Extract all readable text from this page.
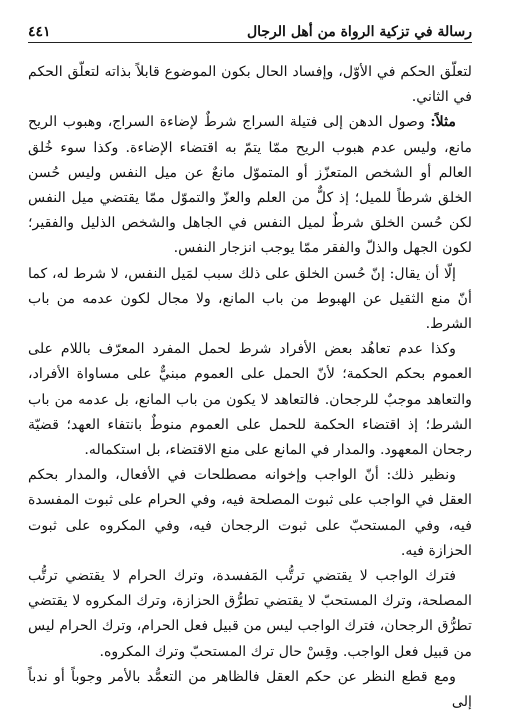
رسالة في تزكية الرواة من أهل الرجال
٤٤١

لتعلّق الحكم في الأوّل، وإفساد الحال بكون الموضوع قابلاً بذاته لتعلّق الحكم في الثاني.

مثلاً: وصول الدهن إلى فتيلة السراج شرطٌ لإضاءة السراج، وهبوب الريح مانع، وليس عدم هبوب الريح ممّا يتمّ به اقتضاء الإضاءة. وكذا سوء خُلق العالم أو الشخص المتعزّز أو المتموّل مانعٌ عن ميل النفس وليس حُسن الخلق شرطاً للميل؛ إذ كلٌّ من العلم والعزّ والتموّل ممّا يقتضي ميل النفس لكن حُسن الخلق شرطٌ لميل النفس في الجاهل والشخص الذليل والفقير؛ لكون الجهل والذلّ والفقر ممّا يوجب انزجار النفس.

إلّا أن يقال: إنّ حُسن الخلق على ذلك سبب لمَيل النفس، لا شرط له، كما أنّ منع الثقيل عن الهبوط من باب المانع، ولا مجال لكون عدمه من باب الشرط.

وكذا عدم تعاهُد بعض الأفراد شرط لحمل المفرد المعرّف باللام على العموم بحكم الحكمة؛ لأنّ الحمل على العموم مبنيٌّ على مساواة الأفراد، والتعاهد موجبٌ للرجحان. فالتعاهد لا يكون من باب المانع، بل عدمه من باب الشرط؛ إذ اقتضاء الحكمة للحمل على العموم منوطٌ بانتفاء العهد؛ قضيّة رجحان المعهود. والمدار في المانع على منع الاقتضاء، بل استكماله.

ونظير ذلك: أنّ الواجب وإخوانه مصطلحات في الأفعال، والمدار بحكم العقل في الواجب على ثبوت المصلحة فيه، وفي الحرام على ثبوت المفسدة فيه، وفي المستحبّ على ثبوت الرجحان فيه، وفي المكروه على ثبوت الحزازة فيه.

فترك الواجب لا يقتضي ترتُّب المَفسدة، وترك الحرام لا يقتضي ترتُّب المصلحة، وترك المستحبّ لا يقتضي تطرُّق الحزازة، وترك المكروه لا يقتضي تطرُّق الرجحان، فترك الواجب ليس من قبيل فعل الحرام، وترك الحرام ليس من قبيل فعل الواجب. وقِسْ حال ترك المستحبّ وترك المكروه.

ومع قطع النظر عن حكم العقل فالظاهر من التعمُّد بالأمر وجوباً أو ندباً إلى
